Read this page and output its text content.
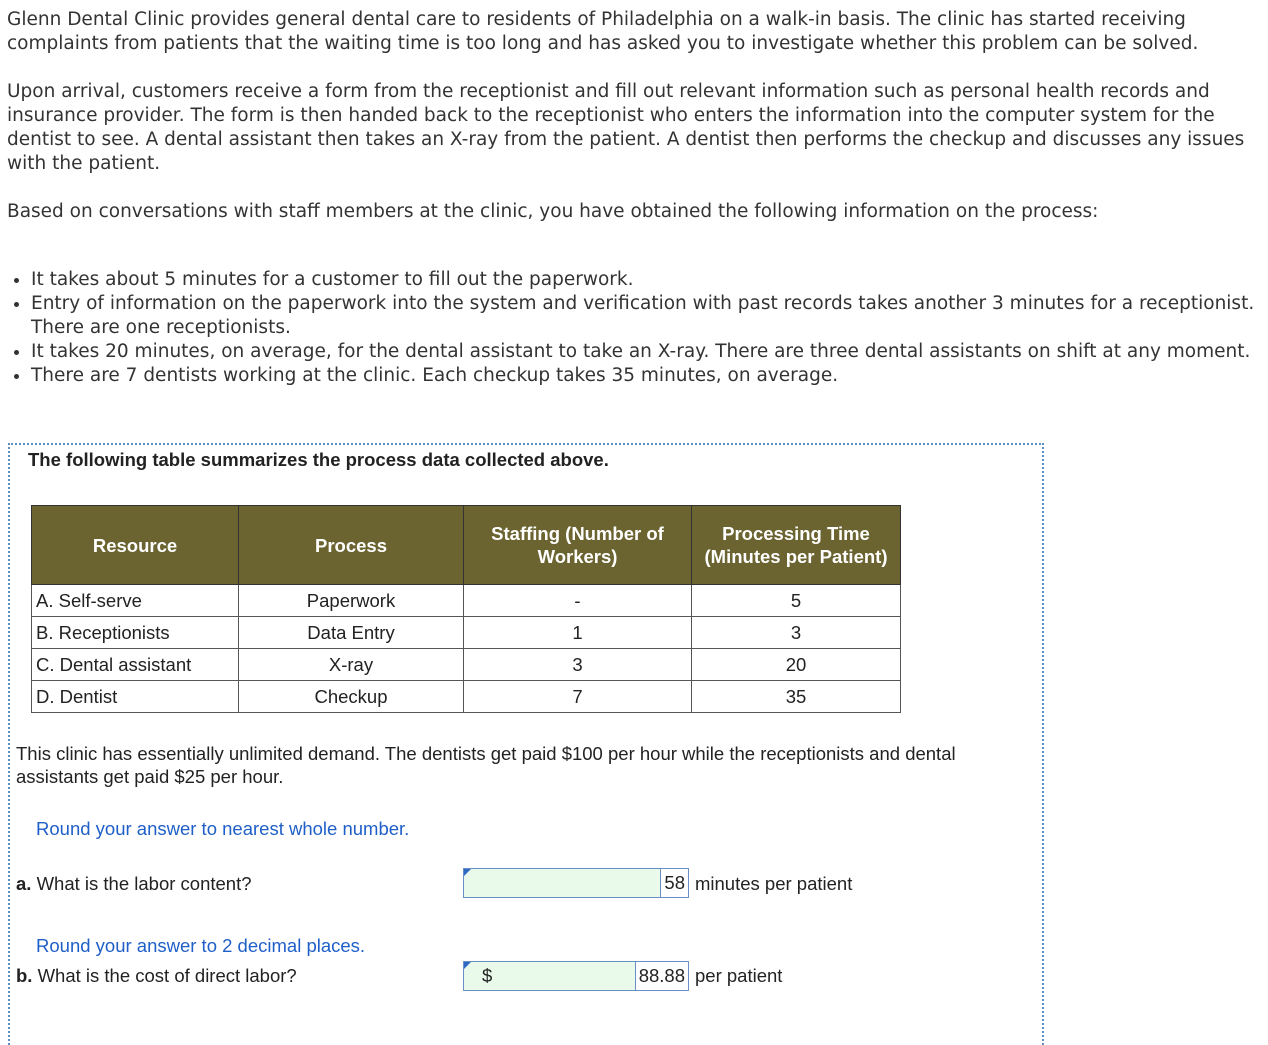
Glenn Dental Clinic provides general dental care to residents of Philadelphia on a walk-in basis. The clinic has started receiving complaints from patients that the waiting time is too long and has asked you to investigate whether this problem can be solved.

Upon arrival, customers receive a form from the receptionist and fill out relevant information such as personal health records and insurance provider. The form is then handed back to the receptionist who enters the information into the computer system for the dentist to see. A dental assistant then takes an X-ray from the patient. A dentist then performs the checkup and discusses any issues with the patient.

Based on conversations with staff members at the clinic, you have obtained the following information on the process:

• It takes about 5 minutes for a customer to fill out the paperwork.
• Entry of information on the paperwork into the system and verification with past records takes another 3 minutes for a receptionist. There are one receptionists.
• It takes 20 minutes, on average, for the dental assistant to take an X-ray. There are three dental assistants on shift at any moment.
• There are 7 dentists working at the clinic. Each checkup takes 35 minutes, on average.
The following table summarizes the process data collected above.
Resource	Process	Staffing (Number of Workers)	Processing Time (Minutes per Patient)
A. Self-serve	Paperwork	-	5
B. Receptionists	Data Entry	1	3
C. Dental assistant	X-ray	3	20
D. Dentist	Checkup	7	35
This clinic has essentially unlimited demand. The dentists get paid $100 per hour while the receptionists and dental assistants get paid $25 per hour.
Round your answer to nearest whole number.
a. What is the labor content?	58 minutes per patient
Round your answer to 2 decimal places.
b. What is the cost of direct labor?	$	88.88 per patient
